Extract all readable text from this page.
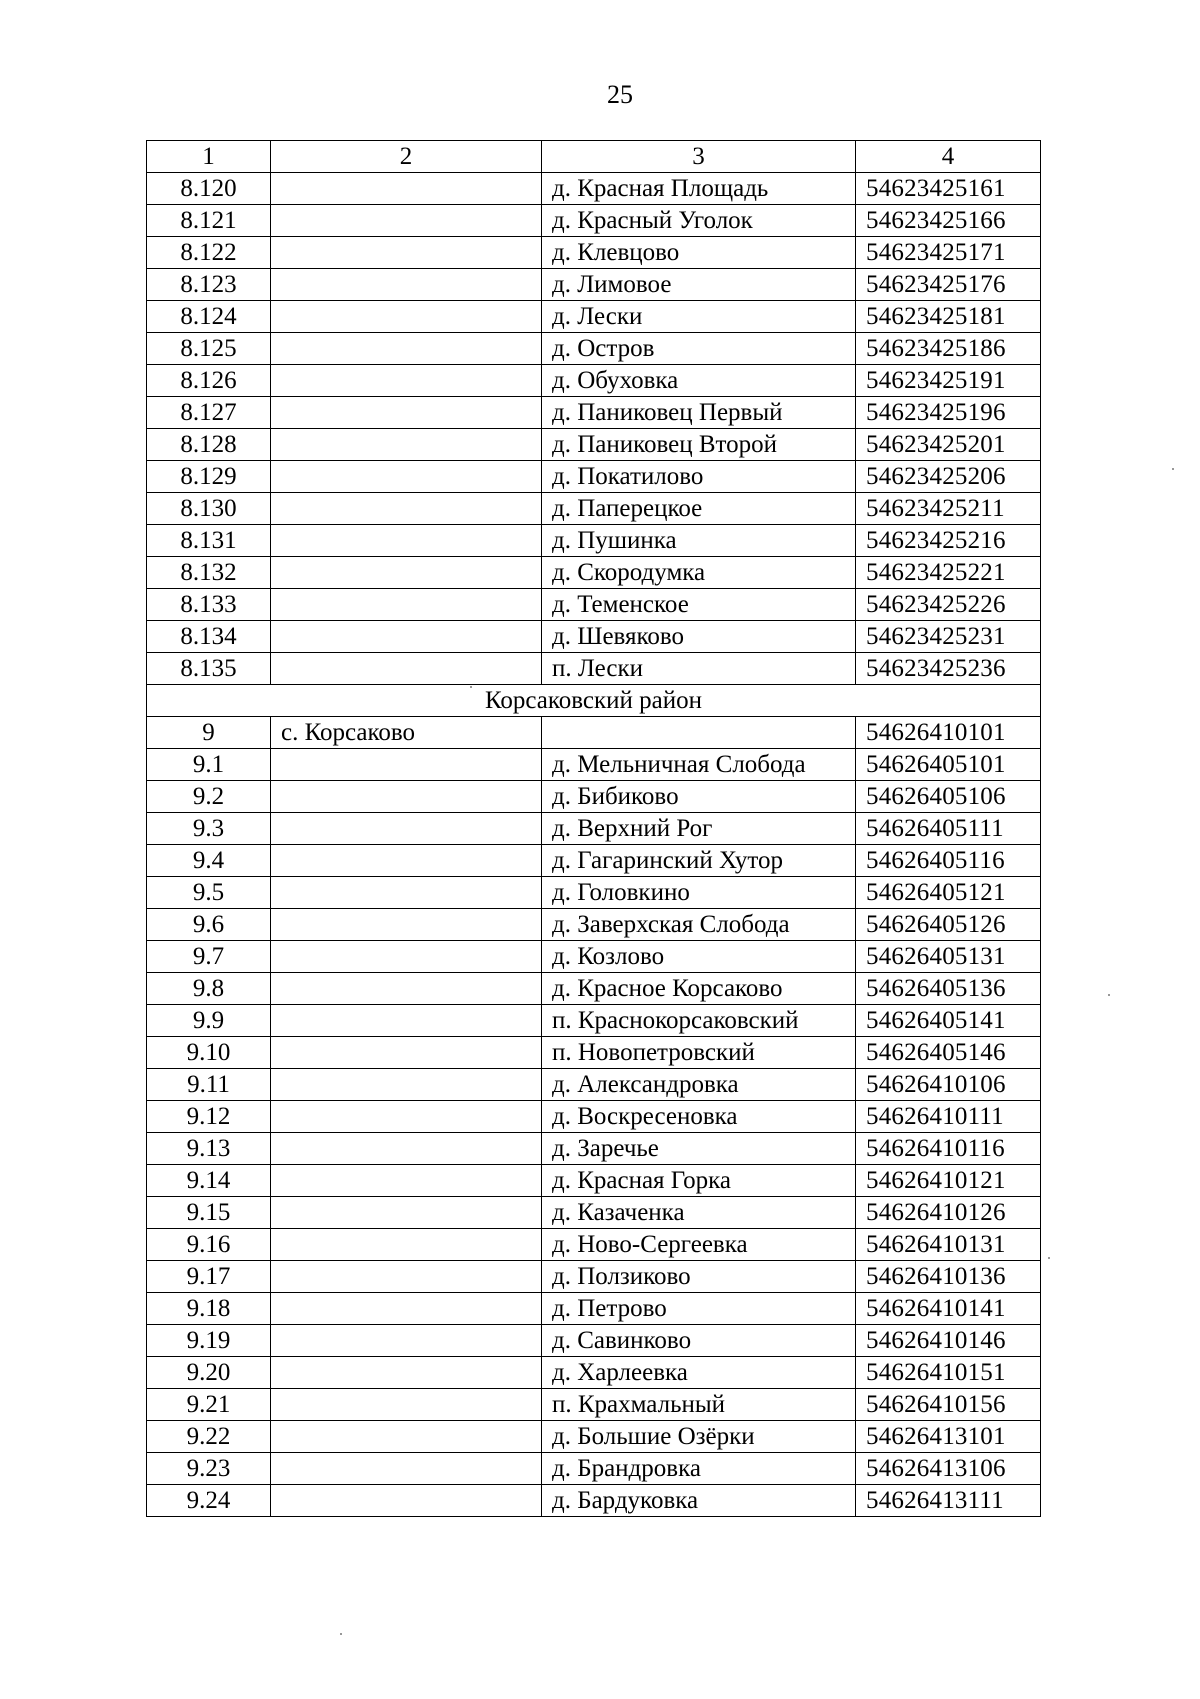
25
1	2	3	4
8.120		д. Красная Площадь	54623425161
8.121		д. Красный Уголок	54623425166
8.122		д. Клевцово	54623425171
8.123		д. Лимовое	54623425176
8.124		д. Лески	54623425181
8.125		д. Остров	54623425186
8.126		д. Обуховка	54623425191
8.127		д. Паниковец Первый	54623425196
8.128		д. Паниковец Второй	54623425201
8.129		д. Покатилово	54623425206
8.130		д. Паперецкое	54623425211
8.131		д. Пушинка	54623425216
8.132		д. Скородумка	54623425221
8.133		д. Теменское	54623425226
8.134		д. Шевяково	54623425231
8.135		п. Лески	54623425236
Корсаковский район			
9	с. Корсаково		54626410101
9.1		д. Мельничная Слобода	54626405101
9.2		д. Бибиково	54626405106
9.3		д. Верхний Рог	54626405111
9.4		д. Гагаринский Хутор	54626405116
9.5		д. Головкино	54626405121
9.6		д. Заверхская Слобода	54626405126
9.7		д. Козлово	54626405131
9.8		д. Красное Корсаково	54626405136
9.9		п. Краснокорсаковский	54626405141
9.10		п. Новопетровский	54626405146
9.11		д. Александровка	54626410106
9.12		д. Воскресеновка	54626410111
9.13		д. Заречье	54626410116
9.14		д. Красная Горка	54626410121
9.15		д. Казаченка	54626410126
9.16		д. Ново-Сергеевка	54626410131
9.17		д. Ползиково	54626410136
9.18		д. Петрово	54626410141
9.19		д. Савинково	54626410146
9.20		д. Харлеевка	54626410151
9.21		п. Крахмальный	54626410156
9.22		д. Большие Озёрки	54626413101
9.23		д. Брандровка	54626413106
9.24		д. Бардуковка	54626413111
